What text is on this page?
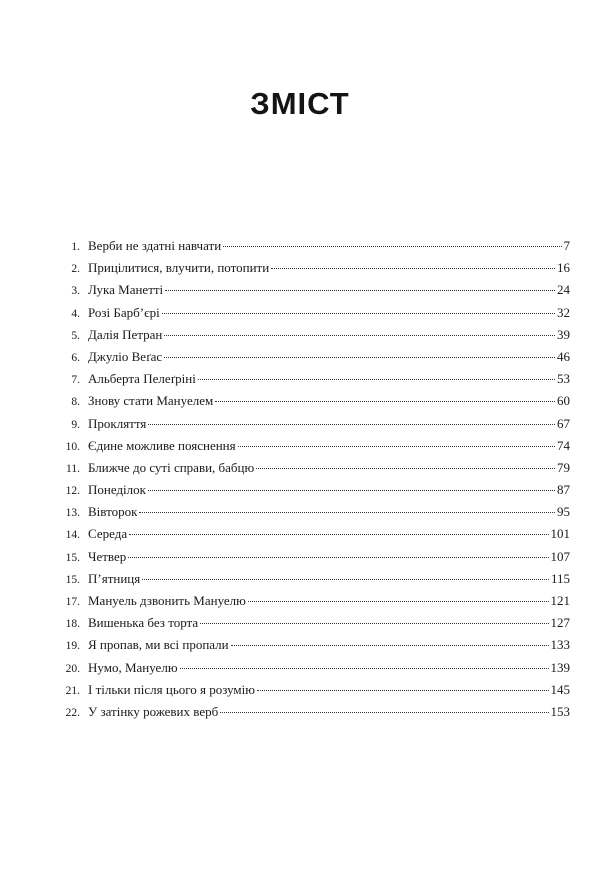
ЗМІСТ
1. Верби не здатні навчати	7
2. Прицілитися, влучити, потопити	16
3. Лука Манетті	24
4. Розі Барб’єрі	32
5. Далія Петран	39
6. Джуліо Веґас	46
7. Альберта Пелеґріні	53
8. Знову стати Мануелем	60
9. Прокляття	67
10. Єдине можливе пояснення	74
11. Ближче до суті справи, бабцю	79
12. Понеділок	87
13. Вівторок	95
14. Середа	101
15. Четвер	107
15. П’ятниця	115
17. Мануель дзвонить Мануелю	121
18. Вишенька без торта	127
19. Я пропав, ми всі пропали	133
20. Нумо, Мануелю	139
21. І тільки після цього я розумію	145
22. У затінку рожевих верб	153
